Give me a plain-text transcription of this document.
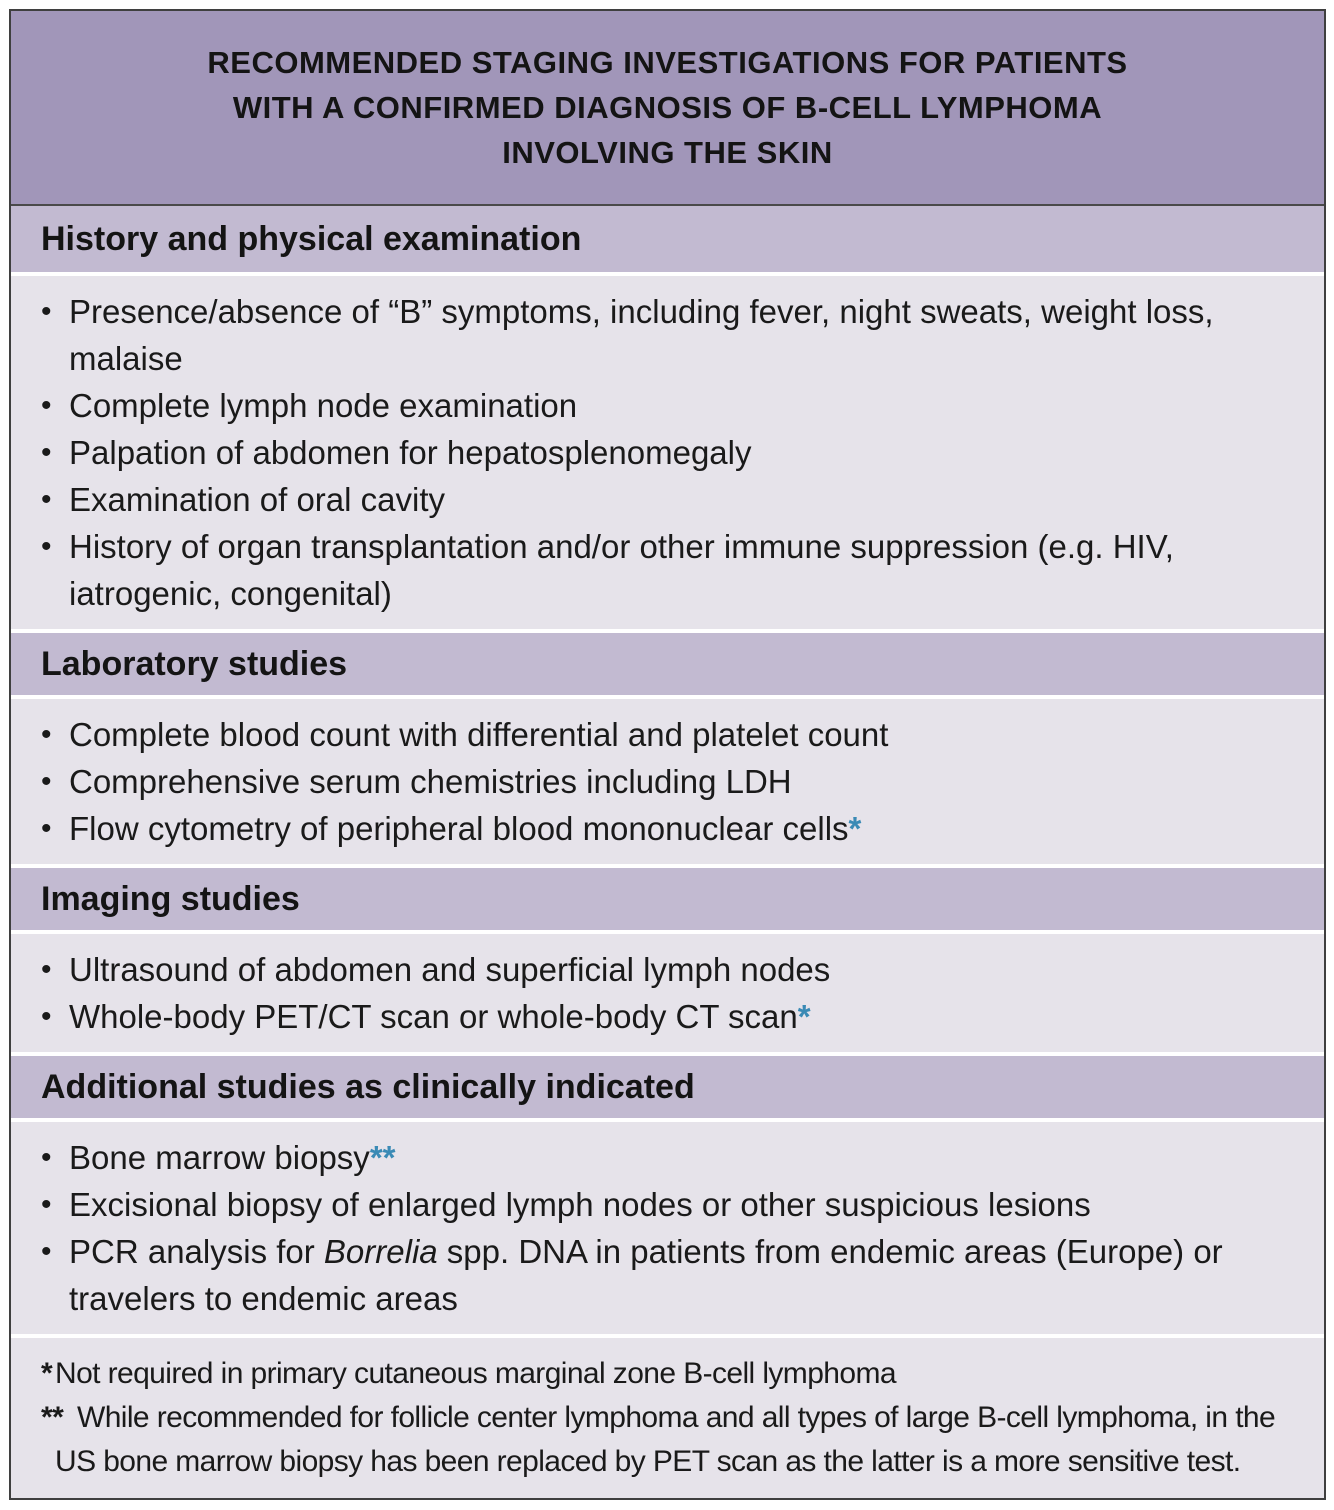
RECOMMENDED STAGING INVESTIGATIONS FOR PATIENTS
WITH A CONFIRMED DIAGNOSIS OF B-CELL LYMPHOMA
INVOLVING THE SKIN
History and physical examination
• Presence/absence of “B” symptoms, including fever, night sweats, weight loss, malaise
• Complete lymph node examination
• Palpation of abdomen for hepatosplenomegaly
• Examination of oral cavity
• History of organ transplantation and/or other immune suppression (e.g. HIV, iatrogenic, congenital)
Laboratory studies
• Complete blood count with differential and platelet count
• Comprehensive serum chemistries including LDH
• Flow cytometry of peripheral blood mononuclear cells*
Imaging studies
• Ultrasound of abdomen and superficial lymph nodes
• Whole-body PET/CT scan or whole-body CT scan*
Additional studies as clinically indicated
• Bone marrow biopsy**
• Excisional biopsy of enlarged lymph nodes or other suspicious lesions
• PCR analysis for Borrelia spp. DNA in patients from endemic areas (Europe) or travelers to endemic areas
* Not required in primary cutaneous marginal zone B-cell lymphoma
** While recommended for follicle center lymphoma and all types of large B-cell lymphoma, in the US bone marrow biopsy has been replaced by PET scan as the latter is a more sensitive test.
